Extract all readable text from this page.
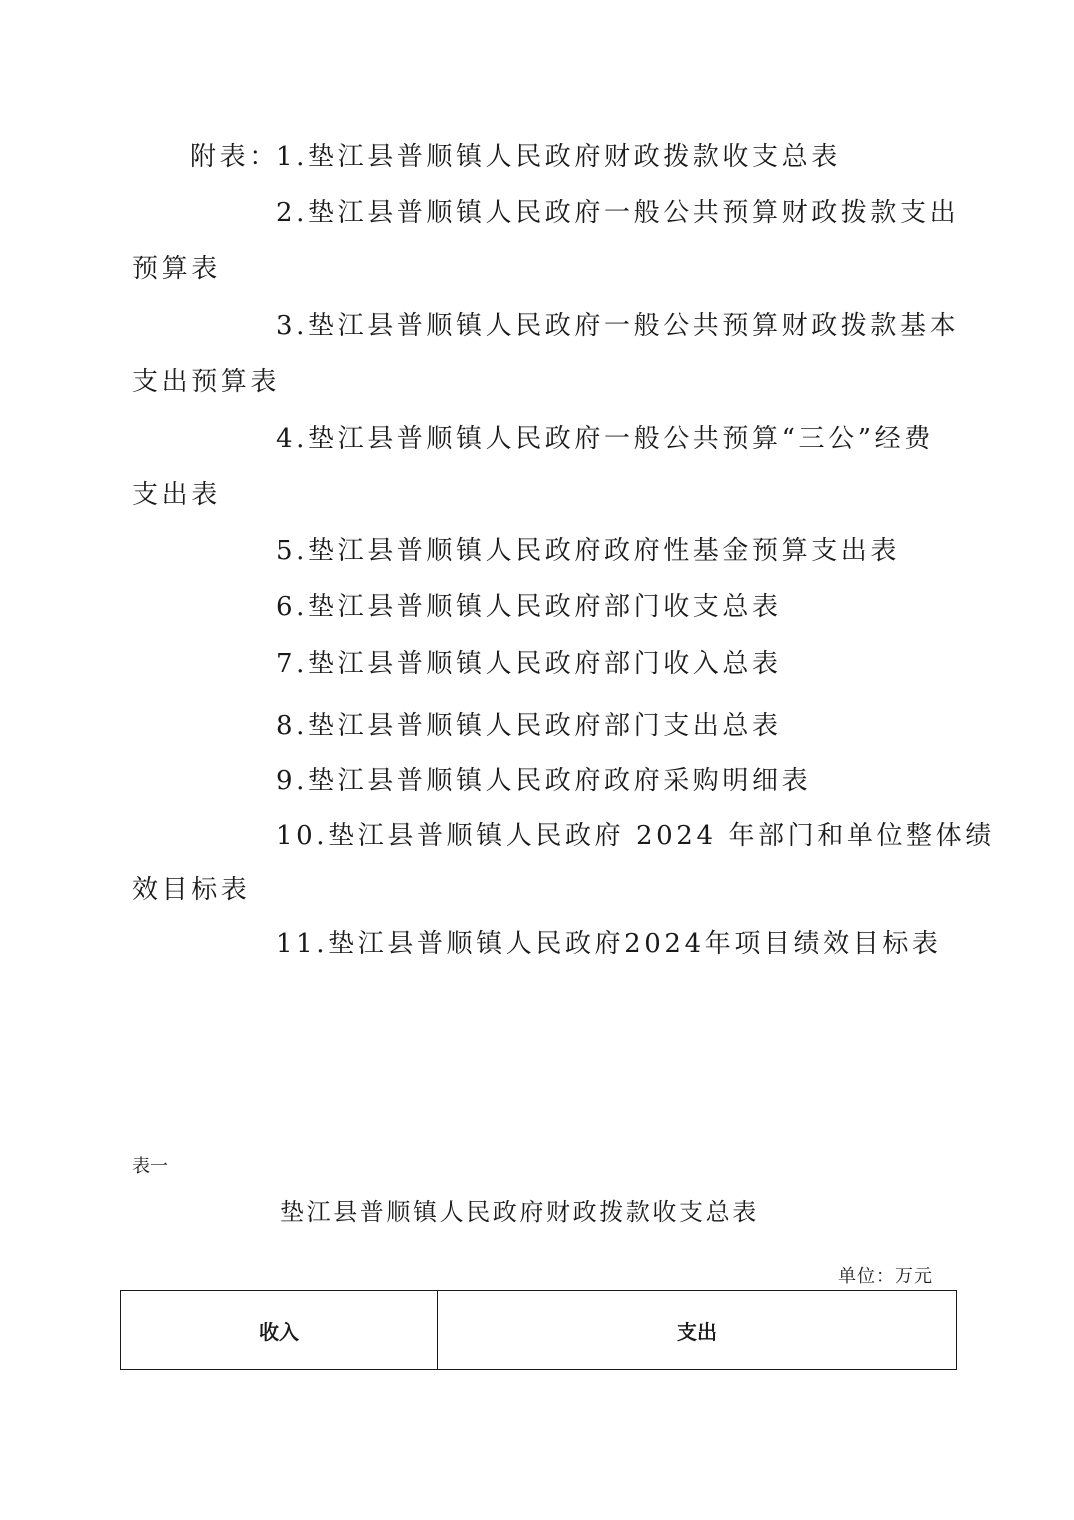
附表：
1.垫江县普顺镇人民政府财政拨款收支总表
2.垫江县普顺镇人民政府一般公共预算财政拨款支出
预算表
3.垫江县普顺镇人民政府一般公共预算财政拨款基本
支出预算表
4.垫江县普顺镇人民政府一般公共预算“三公”经费
支出表
5.垫江县普顺镇人民政府政府性基金预算支出表
6.垫江县普顺镇人民政府部门收支总表
7.垫江县普顺镇人民政府部门收入总表
8.垫江县普顺镇人民政府部门支出总表
9.垫江县普顺镇人民政府政府采购明细表
10.垫江县普顺镇人民政府 2024 年部门和单位整体绩
效目标表
11.垫江县普顺镇人民政府2024年项目绩效目标表
表一
垫江县普顺镇人民政府财政拨款收支总表
单位：万元
收入	支出
